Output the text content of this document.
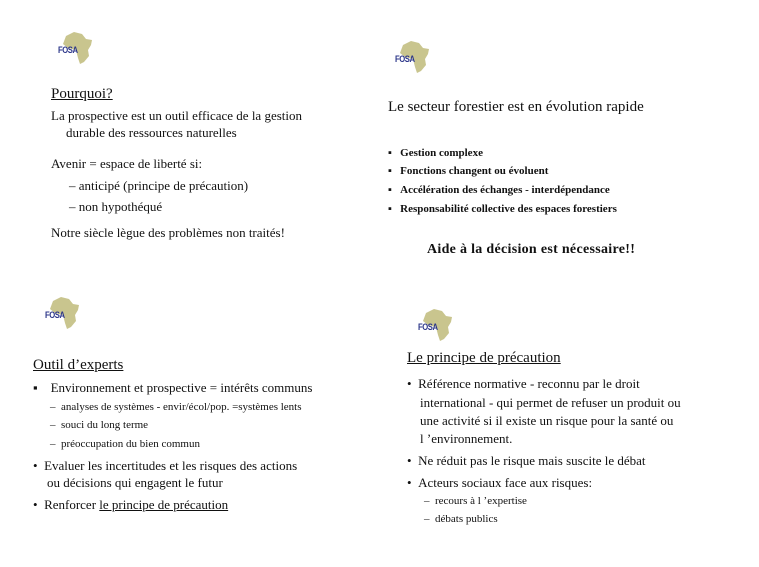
FOSA
Pourquoi?
La prospective est un outil efficace de la gestion
durable des ressources naturelles
Avenir = espace de liberté si:
– anticipé (principe de précaution)
– non hypothéqué
Notre siècle lègue des problèmes non traités!
FOSA
Le secteur forestier est en évolution rapide
▪   Gestion complexe
▪   Fonctions changent ou évoluent
▪   Accélération des échanges - interdépendance
▪   Responsabilité collective des espaces forestiers
Aide à la décision est nécessaire!!
FOSA
Outil d’experts
▪    Environnement et prospective = intérêts communs
–  analyses de systèmes - envir/écol/pop. =systèmes lents
–  souci du long terme
–  préoccupation du bien commun
•  Evaluer les incertitudes et les risques des actions
ou décisions qui engagent le futur
•  Renforcer le principe de précaution
FOSA
Le principe de précaution
•  Référence normative - reconnu par le droit
international - qui permet de refuser un produit ou
une activité si il existe un risque pour la santé ou
l ’environnement.
•  Ne réduit pas le risque mais suscite le débat
•  Acteurs sociaux face aux risques:
–  recours à l ’expertise
–  débats publics
